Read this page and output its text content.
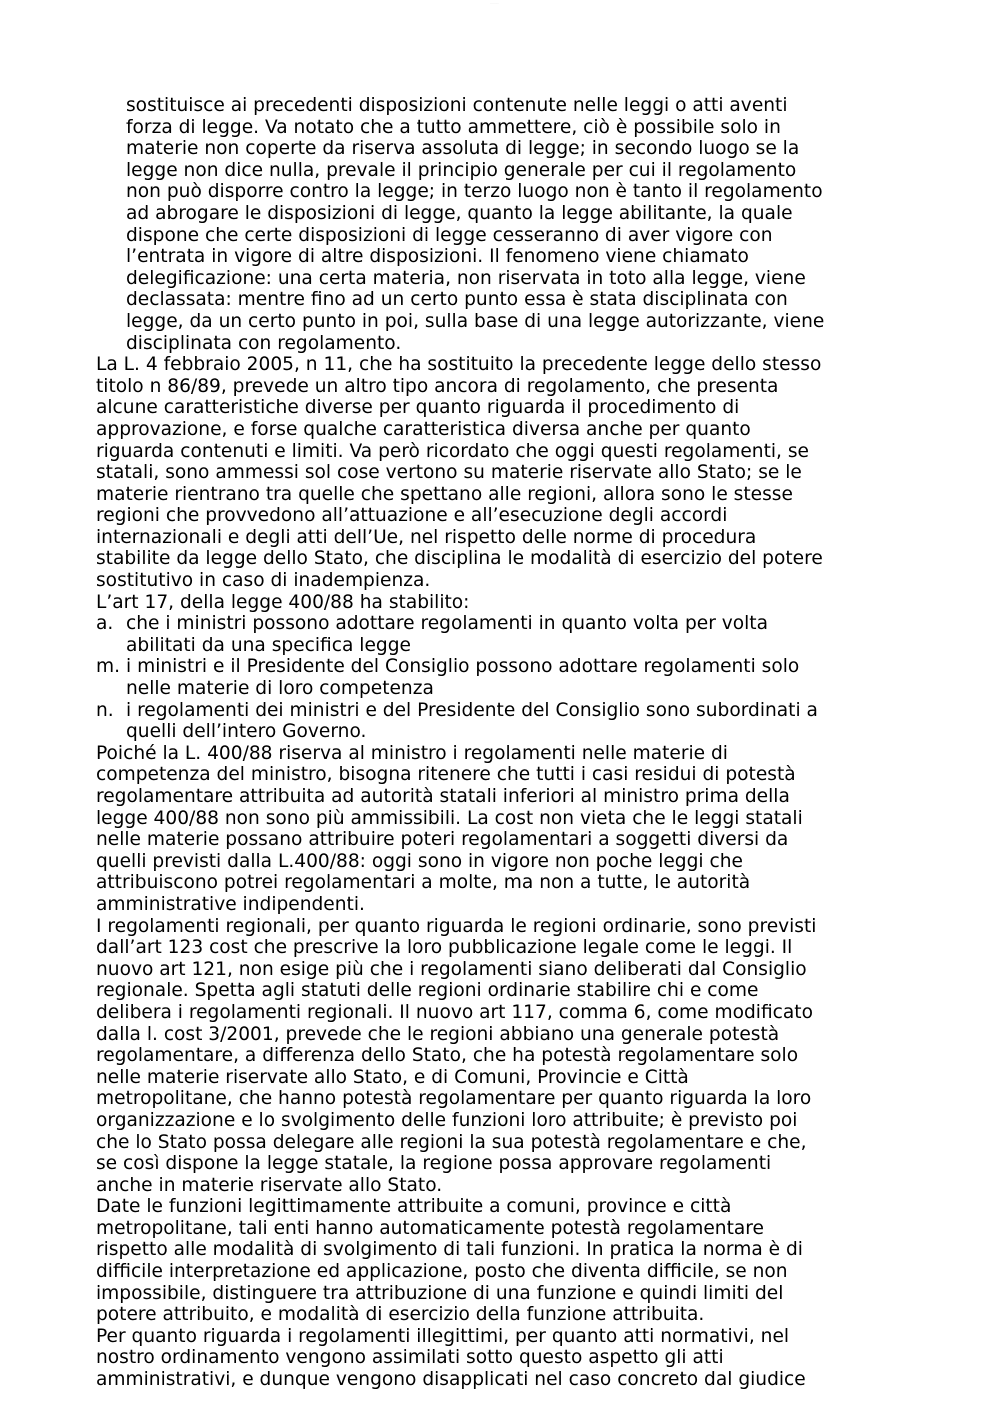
·········
sostituisce ai precedenti disposizioni contenute nelle leggi o atti aventi
forza di legge. Va notato che a tutto ammettere, ciò è possibile solo in
materie non coperte da riserva assoluta di legge; in secondo luogo se la
legge non dice nulla, prevale il principio generale per cui il regolamento
non può disporre contro la legge; in terzo luogo non è tanto il regolamento
ad abrogare le disposizioni di legge, quanto la legge abilitante, la quale
dispone che certe disposizioni di legge cesseranno di aver vigore con
l’entrata in vigore di altre disposizioni. Il fenomeno viene chiamato
delegificazione: una certa materia, non riservata in toto alla legge, viene
declassata: mentre fino ad un certo punto essa è stata disciplinata con
legge, da un certo punto in poi, sulla base di una legge autorizzante, viene
disciplinata con regolamento.
La L. 4 febbraio 2005, n 11, che ha sostituito la precedente legge dello stesso
titolo n 86/89, prevede un altro tipo ancora di regolamento, che presenta
alcune caratteristiche diverse per quanto riguarda il procedimento di
approvazione, e forse qualche caratteristica diversa anche per quanto
riguarda contenuti e limiti. Va però ricordato che oggi questi regolamenti, se
statali, sono ammessi sol cose vertono su materie riservate allo Stato; se le
materie rientrano tra quelle che spettano alle regioni, allora sono le stesse
regioni che provvedono all’attuazione e all’esecuzione degli accordi
internazionali e degli atti dell’Ue, nel rispetto delle norme di procedura
stabilite da legge dello Stato, che disciplina le modalità di esercizio del potere
sostitutivo in caso di inadempienza.
L’art 17, della legge 400/88 ha stabilito:
a. che i ministri possono adottare regolamenti in quanto volta per volta
abilitati da una specifica legge
m. i ministri e il Presidente del Consiglio possono adottare regolamenti solo
nelle materie di loro competenza
n. i regolamenti dei ministri e del Presidente del Consiglio sono subordinati a
quelli dell’intero Governo.
Poiché la L. 400/88 riserva al ministro i regolamenti nelle materie di
competenza del ministro, bisogna ritenere che tutti i casi residui di potestà
regolamentare attribuita ad autorità statali inferiori al ministro prima della
legge 400/88 non sono più ammissibili. La cost non vieta che le leggi statali
nelle materie possano attribuire poteri regolamentari a soggetti diversi da
quelli previsti dalla L.400/88: oggi sono in vigore non poche leggi che
attribuiscono potrei regolamentari a molte, ma non a tutte, le autorità
amministrative indipendenti.
I regolamenti regionali, per quanto riguarda le regioni ordinarie, sono previsti
dall’art 123 cost che prescrive la loro pubblicazione legale come le leggi. Il
nuovo art 121, non esige più che i regolamenti siano deliberati dal Consiglio
regionale. Spetta agli statuti delle regioni ordinarie stabilire chi e come
delibera i regolamenti regionali. Il nuovo art 117, comma 6, come modificato
dalla l. cost 3/2001, prevede che le regioni abbiano una generale potestà
regolamentare, a differenza dello Stato, che ha potestà regolamentare solo
nelle materie riservate allo Stato, e di Comuni, Provincie e Città
metropolitane, che hanno potestà regolamentare per quanto riguarda la loro
organizzazione e lo svolgimento delle funzioni loro attribuite; è previsto poi
che lo Stato possa delegare alle regioni la sua potestà regolamentare e che,
se così dispone la legge statale, la regione possa approvare regolamenti
anche in materie riservate allo Stato.
Date le funzioni legittimamente attribuite a comuni, province e città
metropolitane, tali enti hanno automaticamente potestà regolamentare
rispetto alle modalità di svolgimento di tali funzioni. In pratica la norma è di
difficile interpretazione ed applicazione, posto che diventa difficile, se non
impossibile, distinguere tra attribuzione di una funzione e quindi limiti del
potere attribuito, e modalità di esercizio della funzione attribuita.
Per quanto riguarda i regolamenti illegittimi, per quanto atti normativi, nel
nostro ordinamento vengono assimilati sotto questo aspetto gli atti
amministrativi, e dunque vengono disapplicati nel caso concreto dal giudice
